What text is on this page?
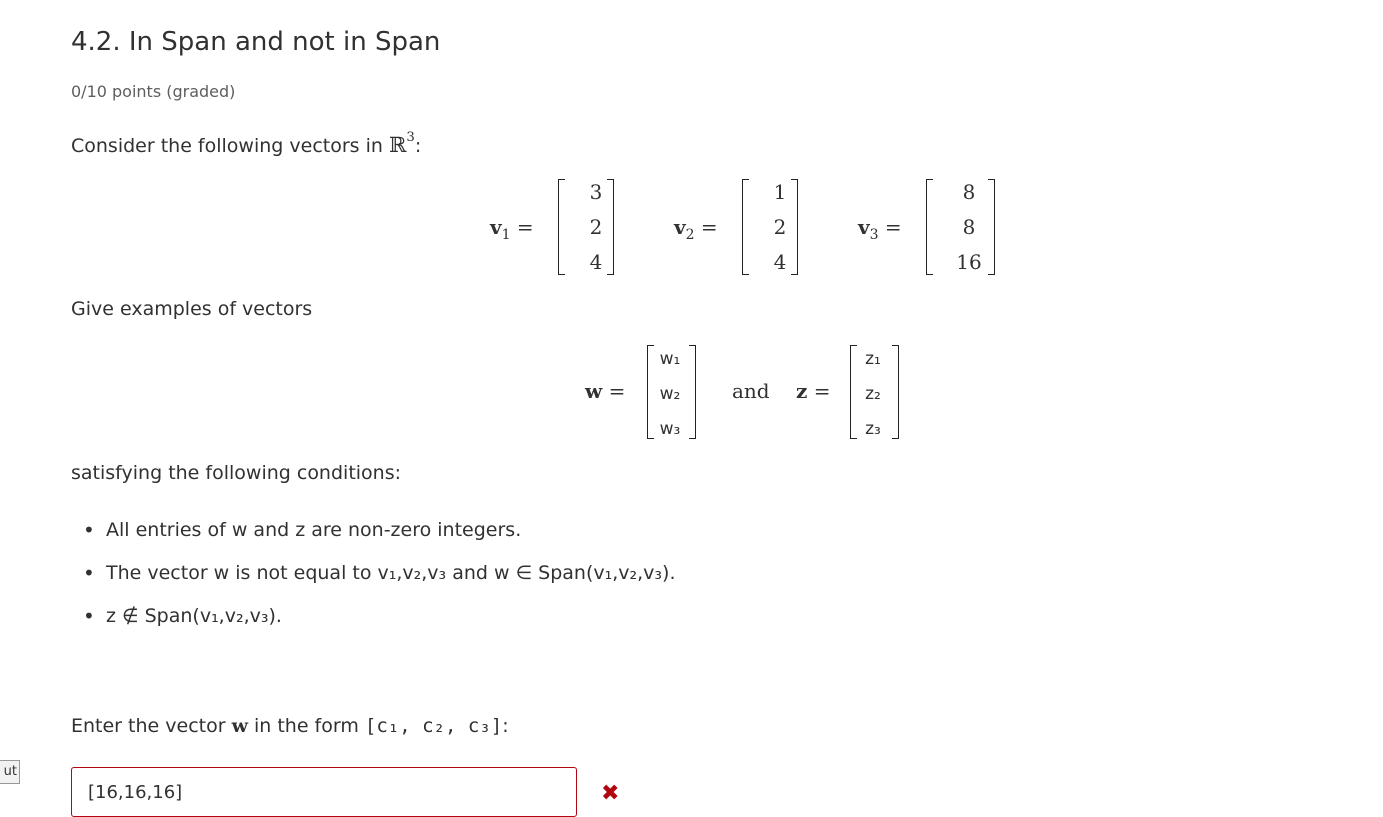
4.2. In Span and not in Span
0/10 points (graded)
Consider the following vectors in ℝ$^3$:
$v_1$ =
3
2
4
$v_2$ =
1
2
4
$v_3$ =
8
8
16
Give examples of vectors
w =
w₁
w₂
w₃
and z =
z₁
z₂
z₃
satisfying the following conditions:
• All entries of w and z are non-zero integers.
• The vector w is not equal to v₁,v₂,v₃ and w ∈ Span(v₁,v₂,v₃).
• z ∉ Span(v₁,v₂,v₃).
Enter the vector w in the form [c₁, c₂, c₃]:
ut
[16,16,16]
✖
